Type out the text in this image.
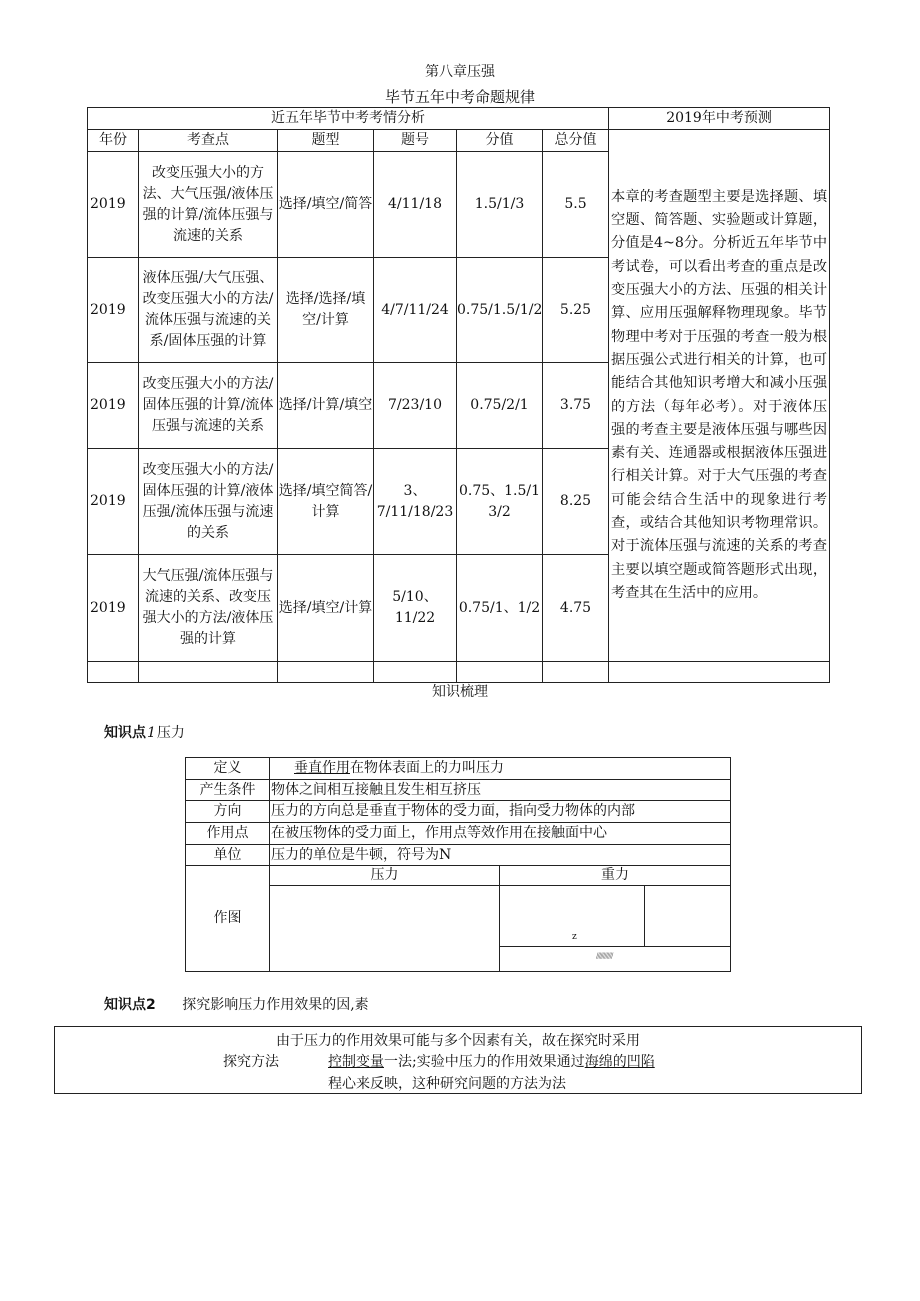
第八章压强
毕节五年中考命题规律
近五年毕节中考考情分析						2019年中考预测
年份	考查点	题型	题号	分值	总分值	本章的考查题型主要是选择题、填空题、简答题、实验题或计算题，分值是4~8分。分析近五年毕节中考试卷，可以看出考查的重点是改变压强大小的方法、压强的相关计算、应用压强解释物理现象。毕节物理中考对于压强的考查一般为根据压强公式进行相关的计算，也可能结合其他知识考增大和减小压强的方法（每年必考）。对于液体压强的考查主要是液体压强与哪些因素有关、连通器或根据液体压强进行相关计算。对于大气压强的考查可能会结合生活中的现象进行考查，或结合其他知识考物理常识。对于流体压强与流速的关系的考查主要以填空题或简答题形式出现，考查其在生活中的应用。
2019	改变压强大小的方法、大气压强/液体压强的计算/流体压强与流速的关系	选择/填空/简答	4/11/18	1.5/1/3	5.5	
2019	液体压强/大气压强、改变压强大小的方法/流体压强与流速的关系/固体压强的计算	选择/选择/填空/计算	4/7/11/24	0.75/1.5/1/2	5.25	
2019	改变压强大小的方法/固体压强的计算/流体压强与流速的关系	选择/计算/填空	7/23/10	0.75/2/1	3.75	
2019	改变压强大小的方法/固体压强的计算/液体压强/流体压强与流速的关系	选择/填空简答/计算	3、7/11/18/23	0.75、1.5/1 3/2	8.25	
2019	大气压强/流体压强与流速的关系、改变压强大小的方法/液体压强的计算	选择/填空/计算	5/10、11/22	0.75/1、1/2	4.75	

知识梳理
知识点1压力
定义	垂直作用在物体表面上的力叫压力		
产生条件	物体之间相互接触且发生相互挤压		
方向	压力的方向总是垂直于物体的受力面，指向受力物体的内部		
作用点	在被压物体的受力面上，作用点等效作用在接触面中心		
单位	压力的单位是牛顿，符号为N		
作图	压力	重力	

		z	

		////////////	
知识点2 探究影响压力作用效果的因,素
由于压力的作用效果可能与多个因素有关，故在探究时采用
探究方法	控制变量一法;实验中压力的作用效果通过海绵的凹陷
程心来反映，这种研究问题的方法为法
